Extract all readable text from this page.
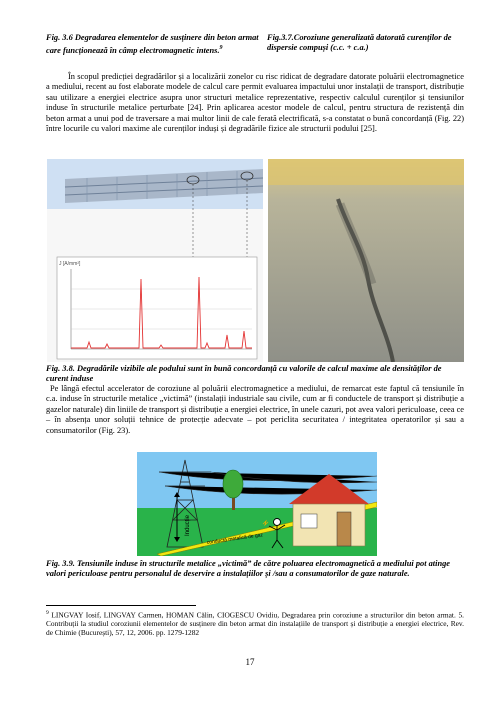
Fig. 3.6 Degradarea elementelor de susținere din beton armat care funcționează în câmp electromagnetic intens.$^9$
Fig.3.7.Coroziune generalizată datorată curenților de dispersie compuși (c.c. + c.a.)
În scopul predicției degradărilor și a localizării zonelor cu risc ridicat de degradare datorate poluării electromagnetice a mediului, recent au fost elaborate modele de calcul care permit evaluarea impactului unor instalații de transport, distribuție sau utilizare a energiei electrice asupra unor structuri metalice reprezentative, respectiv calculul curenților și tensiunilor induse în structurile metalice perturbate [24]. Prin aplicarea acestor modele de calcul, pentru structura de rezistență din beton armat a unui pod de traversare a mai multor linii de cale ferată electrificată, s-a constatat o bună concordanță (Fig. 22) între locurile cu valori maxime ale curenților induși și degradările fizice ale structurii podului [25].
J [A/mm²]
Fig. 3.8. Degradările vizibile ale podului sunt în bună concordanță cu valorile de calcul maxime ale densităților de curent induse
Pe lângă efectul accelerator de coroziune al poluării electromagnetice a mediului, de remarcat este faptul că tensiunile în c.a. induse în structurile metalice „victimă” (instalații industriale sau civile, cum ar fi conductele de transport și distribuție a gazelor naturale) din liniile de transport și distribuție a energiei electrice, în unele cazuri, pot avea valori periculoase, ceea ce – în absența unor soluții tehnice de protecție adecvate – pot periclita securitatea / integritatea operatorilor și sau a consumatorilor (Fig. 23).
Inducție
conductă metalică de gaz
Fig. 3.9. Tensiunile induse în structurile metalice „victimă” de către poluarea electromagnetică a mediului pot atinge valori periculoase pentru personalul de deservire a instalațiilor și /sau a consumatorilor de gaze naturale.
$^9$ LINGVAY Iosif, LINGVAY Carmen, HOMAN Călin, CIOGESCU Ovidiu, Degradarea prin coroziune a structurilor din beton armat. 5. Contribuții la studiul coroziunii elementelor de susținere din beton armat din instalațiile de transport și distribuție a energiei electrice, Rev. de Chimie (București), 57, 12, 2006. pp. 1279-1282
17
